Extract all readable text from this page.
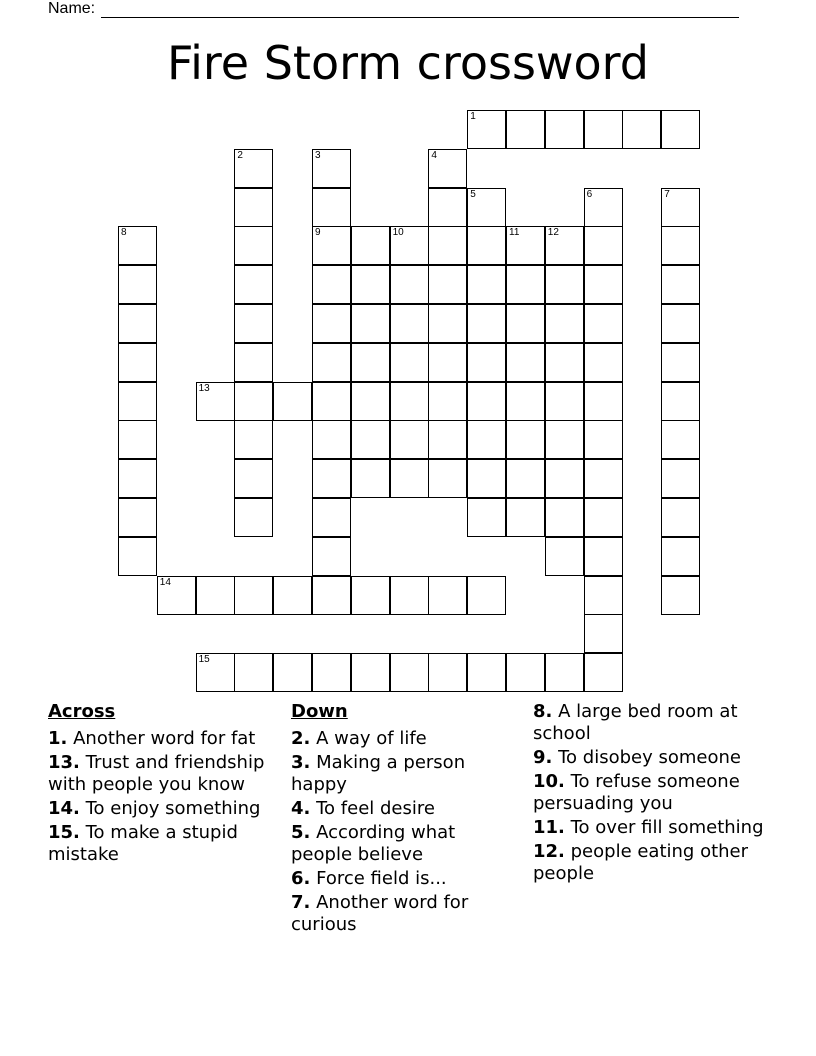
Name:
Fire Storm crossword
1
2	3
9
4
5	6	7
8	10	11	12
13
14
15
Across
1. Another word for fat
13. Trust and friendship with people you know
14. To enjoy something
15. To make a stupid mistake
Down
2. A way of life
3. Making a person happy
4. To feel desire
5. According what people believe
6. Force field is...
7. Another word for curious
8. A large bed room at school
9. To disobey someone
10. To refuse someone persuading you
11. To over fill something
12. people eating other people
